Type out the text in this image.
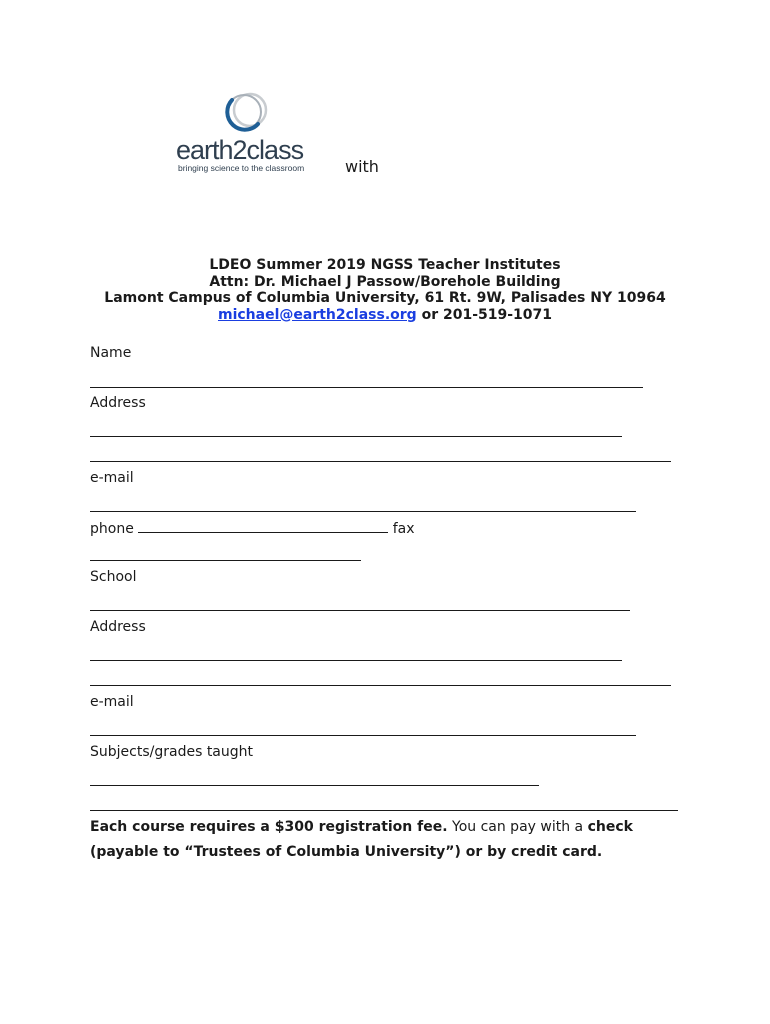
earth2class
bringing science to the classroom	with
LDEO Summer 2019 NGSS Teacher Institutes
Attn: Dr. Michael J Passow/Borehole Building
Lamont Campus of Columbia University, 61 Rt. 9W, Palisades NY 10964
michael@earth2class.org or 201-519-1071
Name
Address
e-mail
phone	fax
School
Address
e-mail
Subjects/grades taught
Each course requires a $300 registration fee. You can pay with a check
(payable to “Trustees of Columbia University”) or by credit card.
